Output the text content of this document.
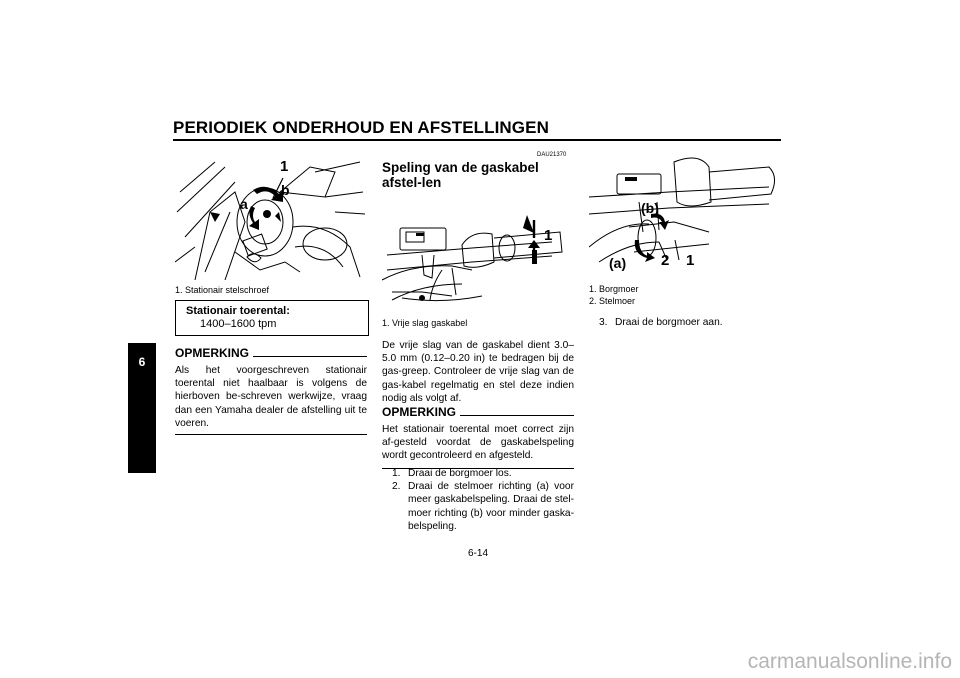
PERIODIEK ONDERHOUD EN AFSTELLINGEN
6
1
a
b
1. Stationair stelschroef
Stationair toerental:
1400–1600 tpm
OPMERKING
Als het voorgeschreven stationair toerental niet haalbaar is volgens de hierboven be-schreven werkwijze, vraag dan een Yamaha dealer de afstelling uit te voeren.
DAU21370
Speling van de gaskabel afstel-len
1
1. Vrije slag gaskabel
De vrije slag van de gaskabel dient 3.0–5.0 mm (0.12–0.20 in) te bedragen bij de gas-greep. Controleer de vrije slag van de gas-kabel regelmatig en stel deze indien nodig als volgt af.
OPMERKING
Het stationair toerental moet correct zijn af-gesteld voordat de gaskabelspeling wordt gecontroleerd en afgesteld.
1. Draai de borgmoer los.
2. Draai de stelmoer richting (a) voor meer gaskabelspeling. Draai de stel-moer richting (b) voor minder gaska-belspeling.
(b)
(a) 2 1
1. Borgmoer
2. Stelmoer
3. Draai de borgmoer aan.
6-14
carmanualsonline.info
